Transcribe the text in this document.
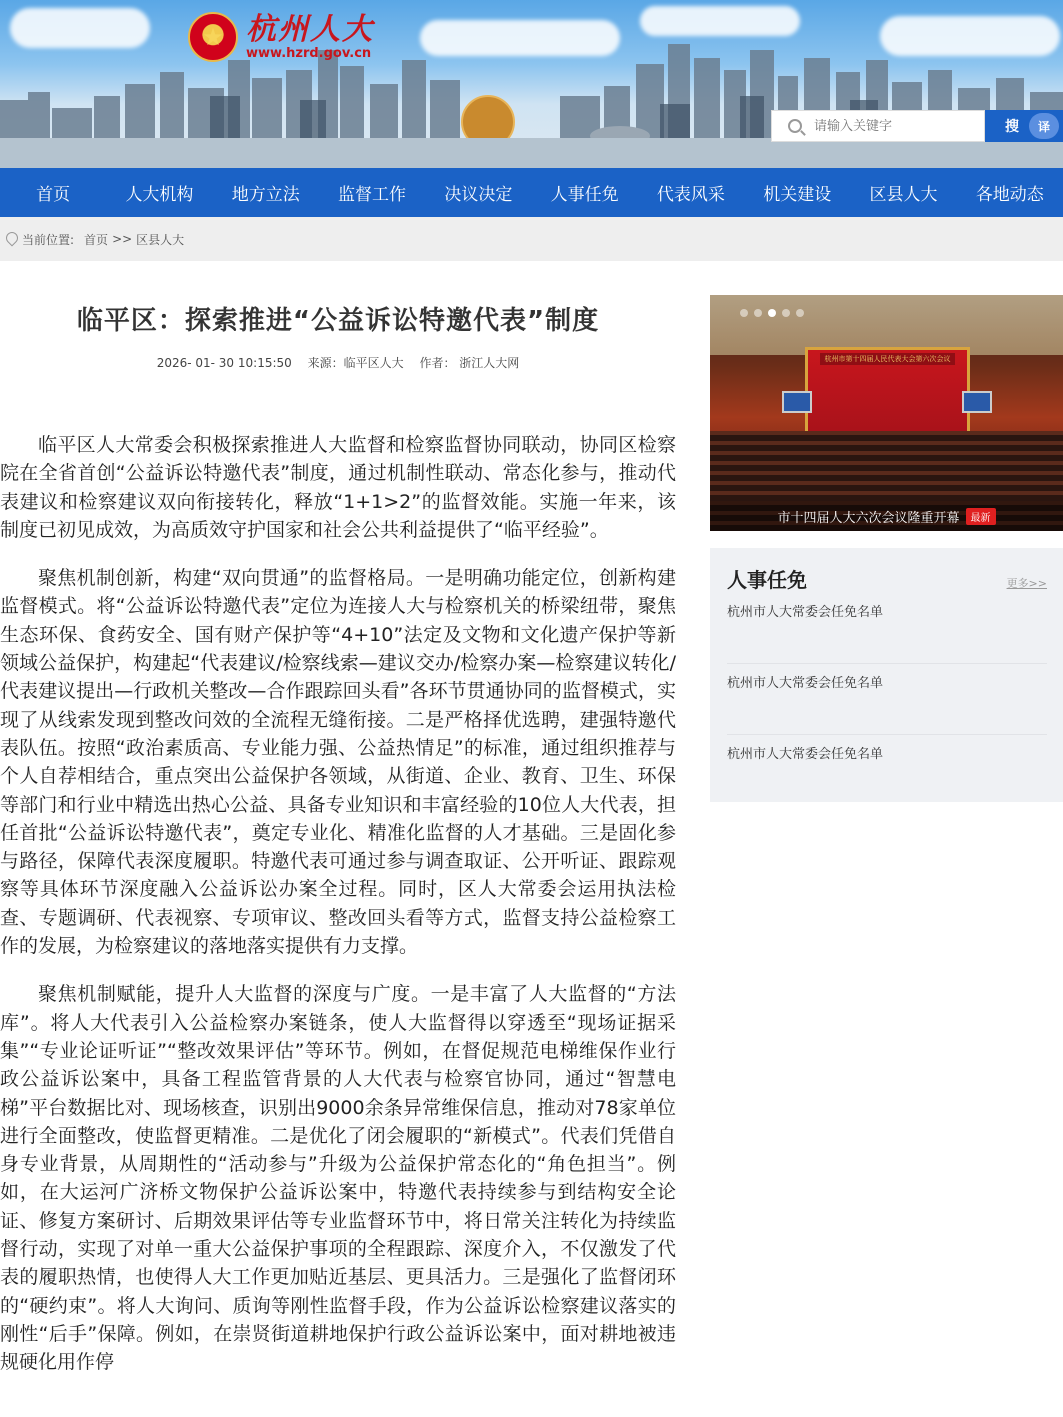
★ 杭州人大
www.hzrd.gov.cn
请输入关键字
搜	译
首页	人大机构	地方立法	监督工作	决议决定	人事任免	代表风采	机关建设	区县人大	各地动态
当前位置: 首页 >> 区县人大
临平区：探索推进“公益诉讼特邀代表”制度
2026- 01- 30 10:15:50 来源：临平区人大 作者： 浙江人大网

临平区人大常委会积极探索推进人大监督和检察监督协同联动，协同区检察院在全省首创“公益诉讼特邀代表”制度，通过机制性联动、常态化参与，推动代表建议和检察建议双向衔接转化，释放“1+1>2”的监督效能。实施一年来，该制度已初见成效，为高质效守护国家和社会公共利益提供了“临平经验”。

聚焦机制创新，构建“双向贯通”的监督格局。一是明确功能定位，创新构建监督模式。将“公益诉讼特邀代表”定位为连接人大与检察机关的桥梁纽带，聚焦生态环保、食药安全、国有财产保护等“4+10”法定及文物和文化遗产保护等新领域公益保护，构建起“代表建议/检察线索—建议交办/检察办案—检察建议转化/代表建议提出—行政机关整改—合作跟踪回头看”各环节贯通协同的监督模式，实现了从线索发现到整改问效的全流程无缝衔接。二是严格择优选聘，建强特邀代表队伍。按照“政治素质高、专业能力强、公益热情足”的标准，通过组织推荐与个人自荐相结合，重点突出公益保护各领域，从街道、企业、教育、卫生、环保等部门和行业中精选出热心公益、具备专业知识和丰富经验的10位人大代表，担任首批“公益诉讼特邀代表”，奠定专业化、精准化监督的人才基础。三是固化参与路径，保障代表深度履职。特邀代表可通过参与调查取证、公开听证、跟踪观察等具体环节深度融入公益诉讼办案全过程。同时，区人大常委会运用执法检查、专题调研、代表视察、专项审议、整改回头看等方式，监督支持公益检察工作的发展，为检察建议的落地落实提供有力支撑。

聚焦机制赋能，提升人大监督的深度与广度。一是丰富了人大监督的“方法库”。将人大代表引入公益检察办案链条，使人大监督得以穿透至“现场证据采集”“专业论证听证”“整改效果评估”等环节。例如，在督促规范电梯维保作业行政公益诉讼案中，具备工程监管背景的人大代表与检察官协同，通过“智慧电梯”平台数据比对、现场核查，识别出9000余条异常维保信息，推动对78家单位进行全面整改，使监督更精准。二是优化了闭会履职的“新模式”。代表们凭借自身专业背景，从周期性的“活动参与”升级为公益保护常态化的“角色担当”。例如，在大运河广济桥文物保护公益诉讼案中，特邀代表持续参与到结构安全论证、修复方案研讨、后期效果评估等专业监督环节中，将日常关注转化为持续监督行动，实现了对单一重大公益保护事项的全程跟踪、深度介入，不仅激发了代表的履职热情，也使得人大工作更加贴近基层、更具活力。三是强化了监督闭环的“硬约束”。将人大询问、质询等刚性监督手段，作为公益诉讼检察建议落实的刚性“后手”保障。例如，在崇贤街道耕地保护行政公益诉讼案中，面对耕地被违规硬化用作停

杭州市第十四届人民代表大会第六次会议
市十四届人大六次会议隆重开幕	最新
人事任免	更多>>
杭州市人大常委会任免名单
杭州市人大常委会任免名单
杭州市人大常委会任免名单
